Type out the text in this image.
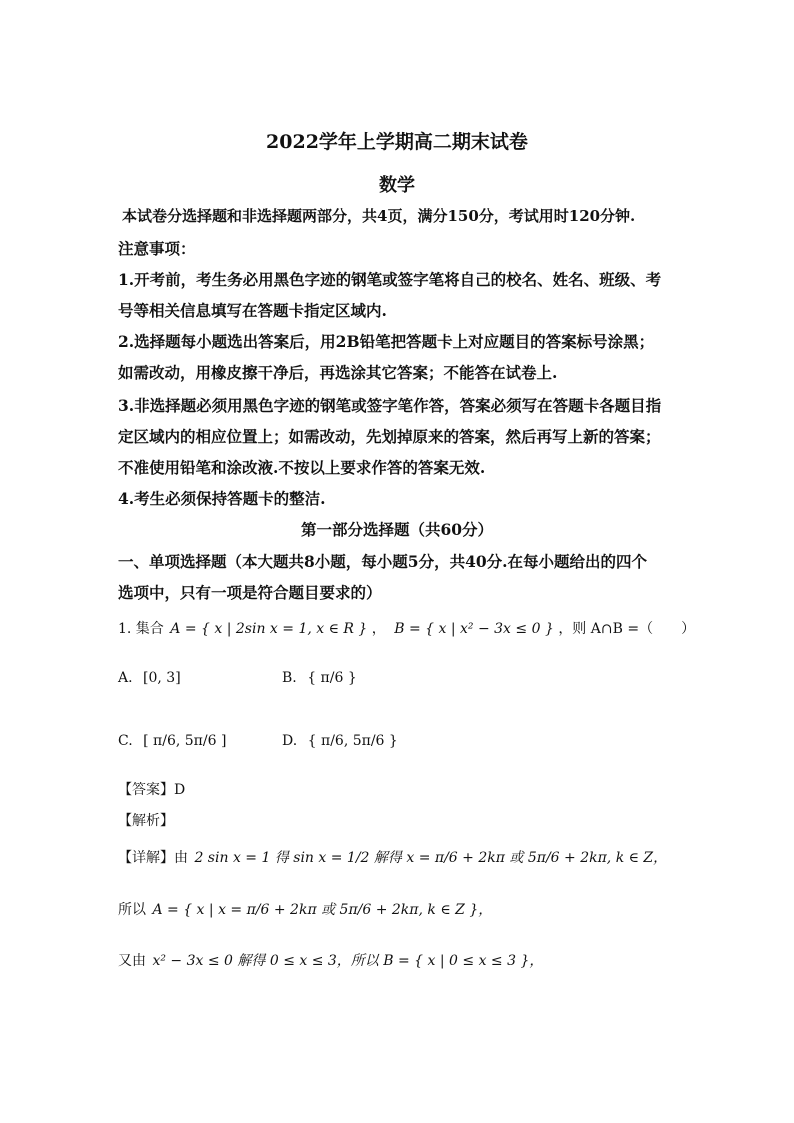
2022学年上学期高二期末试卷
数学
本试卷分选择题和非选择题两部分，共4页，满分150分，考试用时120分钟.
注意事项：
1.开考前，考生务必用黑色字迹的钢笔或签字笔将自己的校名、姓名、班级、考
号等相关信息填写在答题卡指定区域内.
2.选择题每小题选出答案后，用2B铅笔把答题卡上对应题目的答案标号涂黑；
如需改动，用橡皮擦干净后，再选涂其它答案；不能答在试卷上.
3.非选择题必须用黑色字迹的钢笔或签字笔作答，答案必须写在答题卡各题目指
定区域内的相应位置上；如需改动，先划掉原来的答案，然后再写上新的答案；
不准使用铅笔和涂改液.不按以上要求作答的答案无效.
4.考生必须保持答题卡的整洁.
第一部分选择题（共60分）
一、单项选择题（本大题共8小题，每小题5分，共40分.在每小题给出的四个
选项中，只有一项是符合题目要求的）
1. 集合 A = { x | 2sin x = 1, x ∈ R } ， B = { x | x² − 3x ≤ 0 } ，则 A∩B =（　　）
A. [0, 3]	B. { π/6 }
C. [ π/6, 5π/6 ]	D. { π/6, 5π/6 }
【答案】D
【解析】
【详解】由 2 sin x = 1 得 sin x = 1/2 解得 x = π/6 + 2kπ 或 5π/6 + 2kπ, k ∈ Z，
所以 A = { x | x = π/6 + 2kπ 或 5π/6 + 2kπ, k ∈ Z }，
又由 x² − 3x ≤ 0 解得 0 ≤ x ≤ 3，所以 B = { x | 0 ≤ x ≤ 3 }，
